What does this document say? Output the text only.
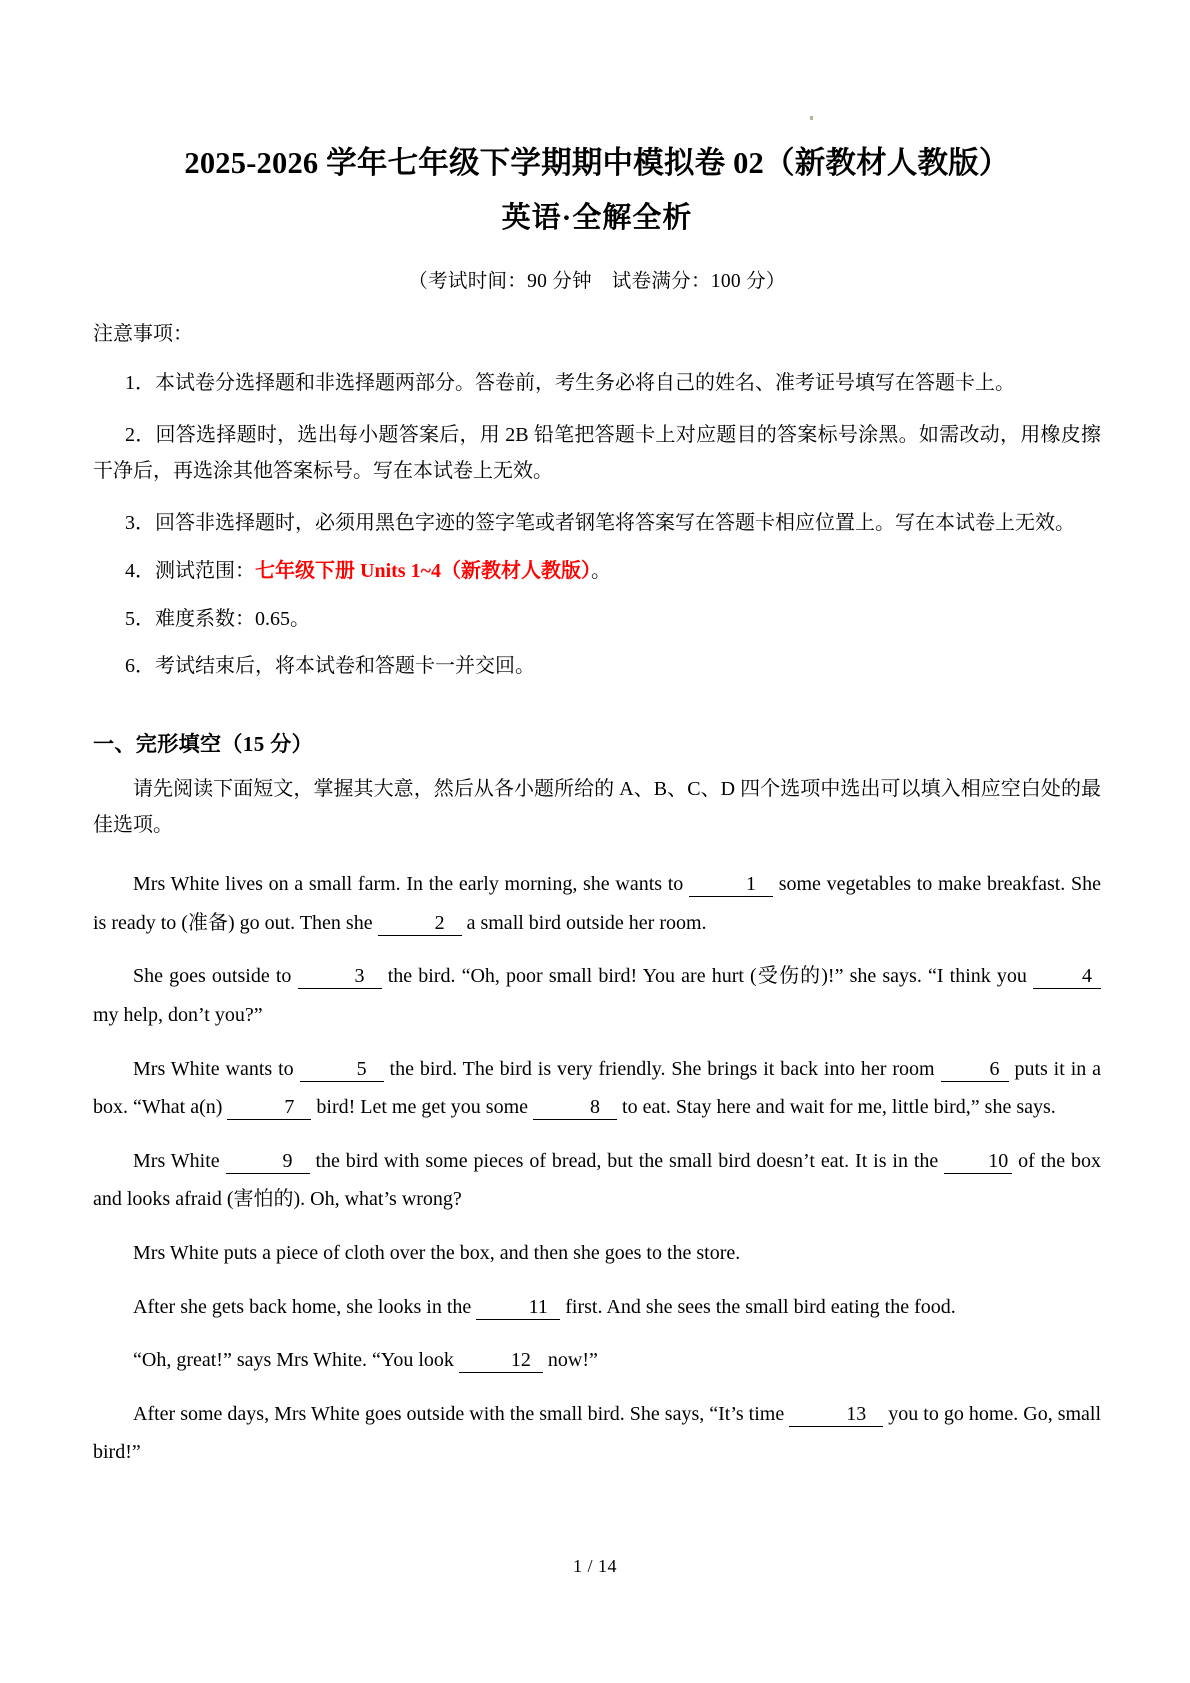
2025-2026 学年七年级下学期期中模拟卷 02（新教材人教版）
英语·全解全析

（考试时间：90 分钟　试卷满分：100 分）

注意事项：

1．本试卷分选择题和非选择题两部分。答卷前，考生务必将自己的姓名、准考证号填写在答题卡上。

2．回答选择题时，选出每小题答案后，用 2B 铅笔把答题卡上对应题目的答案标号涂黑。如需改动，用橡皮擦干净后，再选涂其他答案标号。写在本试卷上无效。

3．回答非选择题时，必须用黑色字迹的签字笔或者钢笔将答案写在答题卡相应位置上。写在本试卷上无效。

4．测试范围：七年级下册 Units 1~4（新教材人教版）。

5．难度系数：0.65。

6．考试结束后，将本试卷和答题卡一并交回。

一、完形填空（15 分）

请先阅读下面短文，掌握其大意，然后从各小题所给的 A、B、C、D 四个选项中选出可以填入相应空白处的最佳选项。

Mrs White lives on a small farm. In the early morning, she wants to	1 some vegetables to make breakfast. She is ready to (准备) go out. Then she	2 a small bird outside her room.

She goes outside to	3 the bird. “Oh, poor small bird! You are hurt (受伤的)!” she says. “I think you	4 my help, don’t you?”

Mrs White wants to	5 the bird. The bird is very friendly. She brings it back into her room	6 puts it in a box. “What a(n)	7 bird! Let me get you some	8 to eat. Stay here and wait for me, little bird,” she says.

Mrs White	9 the bird with some pieces of bread, but the small bird doesn’t eat. It is in the 10 of the box and looks afraid (害怕的). Oh, what’s wrong?

Mrs White puts a piece of cloth over the box, and then she goes to the store.

After she gets back home, she looks in the	11 first. And she sees the small bird eating the food.

“Oh, great!” says Mrs White. “You look	12 now!”

After some days, Mrs White goes outside with the small bird. She says, “It’s time	13 you to go home. Go, small bird!”

1 / 14
